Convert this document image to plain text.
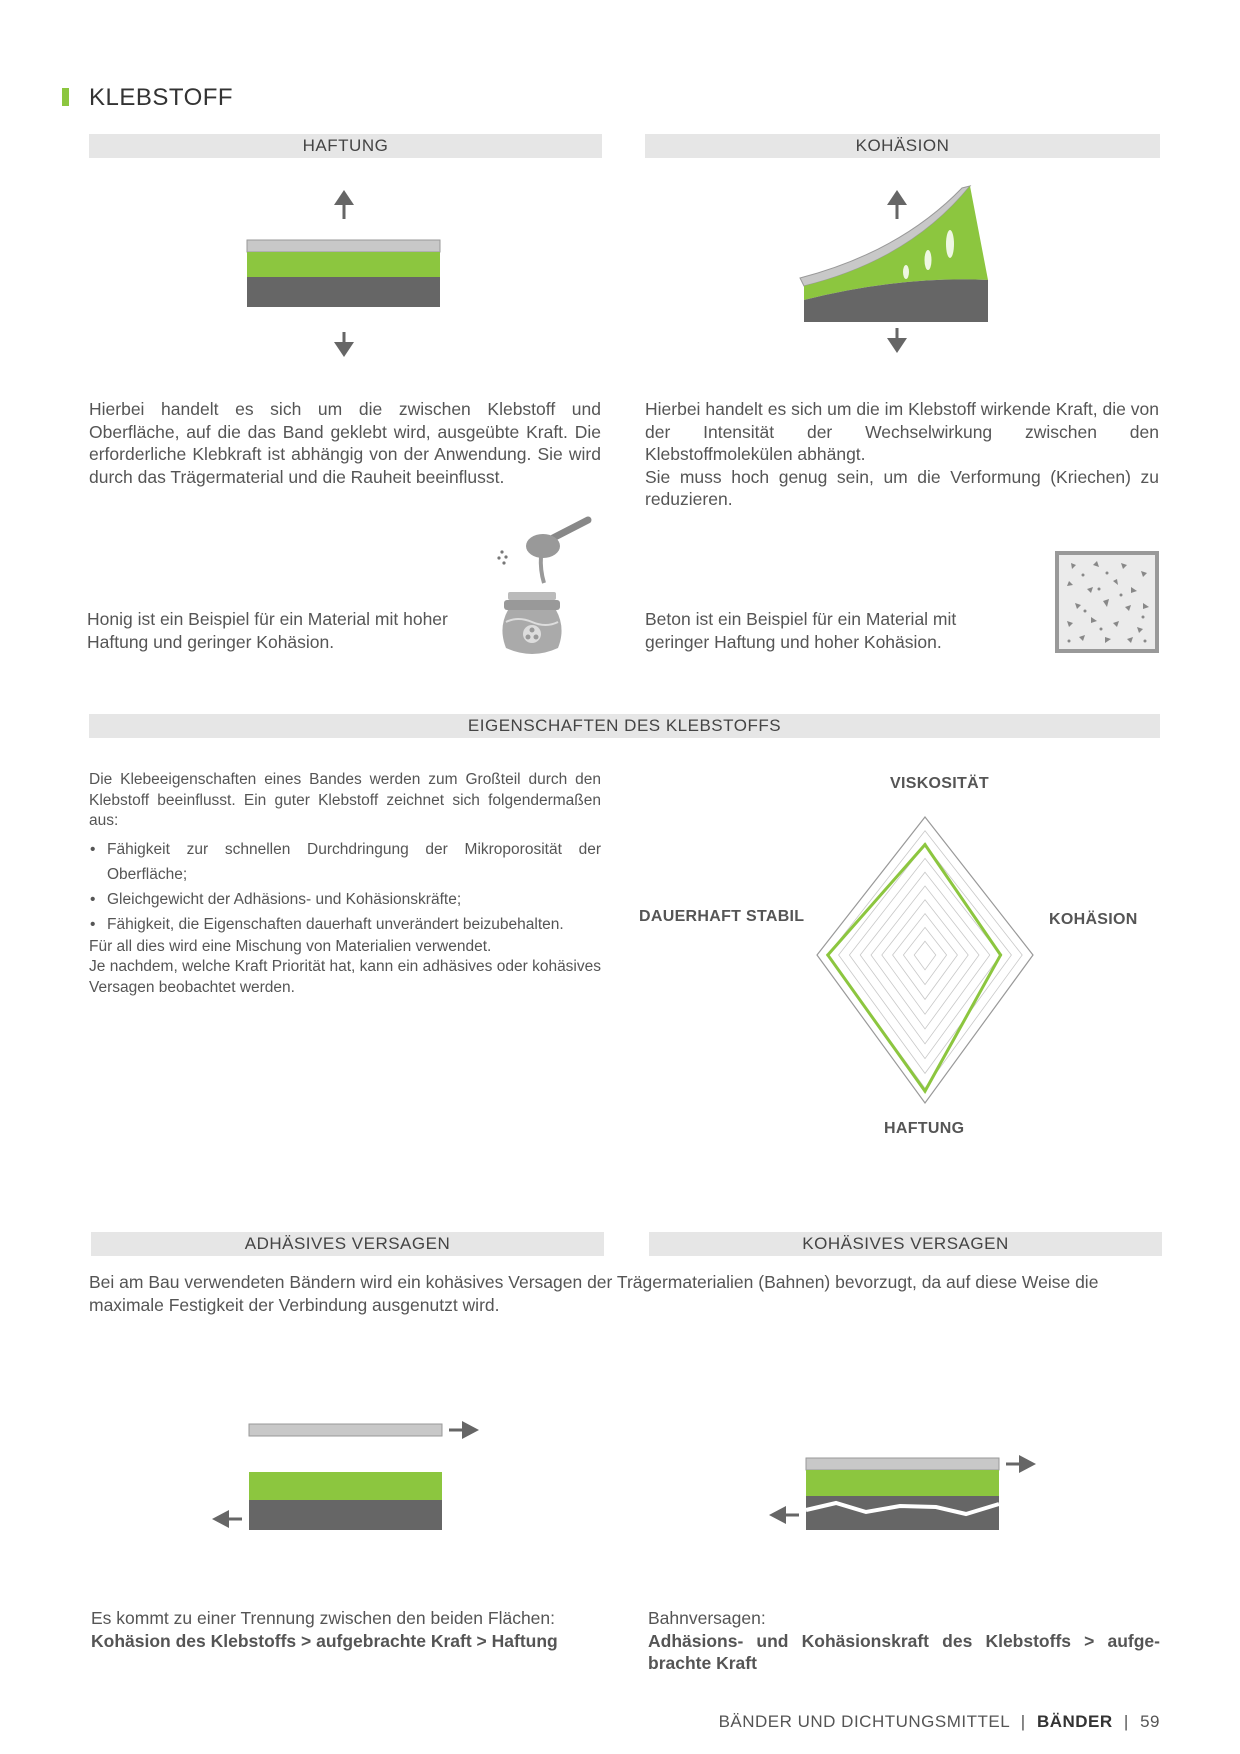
KLEBSTOFF
HAFTUNG	KOHÄSION
Hierbei handelt es sich um die zwischen Klebstoff und Oberfläche, auf die das Band geklebt wird, ausgeübte Kraft. Die erforderliche Klebkraft ist abhängig von der Anwendung. Sie wird durch das Trägermaterial und die Rauheit beeinflusst.
Hierbei handelt es sich um die im Klebstoff wirkende Kraft, die von der Intensität der Wechselwirkung zwischen den Klebstoffmolekülen abhängt.
Sie muss hoch genug sein, um die Verformung (Kriechen) zu reduzieren.
Honig ist ein Beispiel für ein Material mit hoher Haftung und geringer Kohäsion.
Beton ist ein Beispiel für ein Material mit geringer Haftung und hoher Kohäsion.
EIGENSCHAFTEN DES KLEBSTOFFS
Die Klebeeigenschaften eines Bandes werden zum Großteil durch den Klebstoff beeinflusst. Ein guter Klebstoff zeichnet sich folgendermaßen aus:
• Fähigkeit zur schnellen Durchdringung der Mikroporosität der Oberfläche;
• Gleichgewicht der Adhäsions- und Kohäsionskräfte;
• Fähigkeit, die Eigenschaften dauerhaft unverändert beizubehalten.
Für all dies wird eine Mischung von Materialien verwendet.
Je nachdem, welche Kraft Priorität hat, kann ein adhäsives oder kohäsives Versagen beobachtet werden.
VISKOSITÄT
KOHÄSION
HAFTUNG
DAUERHAFT STABIL
ADHÄSIVES VERSAGEN	KOHÄSIVES VERSAGEN
Bei am Bau verwendeten Bändern wird ein kohäsives Versagen der Trägermaterialien (Bahnen) bevorzugt, da auf diese Weise die maximale Festigkeit der Verbindung ausgenutzt wird.
Es kommt zu einer Trennung zwischen den beiden Flächen:
Kohäsion des Klebstoffs > aufgebrachte Kraft > Haftung
Bahnversagen:
Adhäsions- und Kohäsionskraft des Klebstoffs > aufgebrachte Kraft
BÄNDER UND DICHTUNGSMITTEL | BÄNDER | 59
